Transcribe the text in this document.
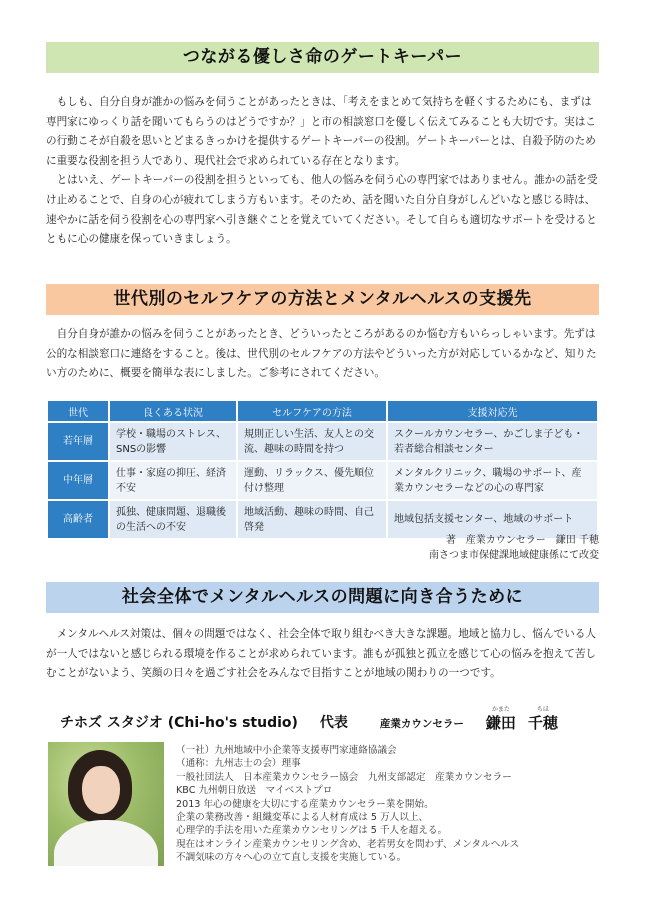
つながる優しさ命のゲートキーパー

もしも、自分自身が誰かの悩みを伺うことがあったときは、「考えをまとめて気持ちを軽くするためにも、まずは専門家にゆっくり話を聞いてもらうのはどうですか？」と市の相談窓口を優しく伝えてみることも大切です。実はこの行動こそが自殺を思いとどまるきっかけを提供するゲートキーパーの役割。ゲートキーパーとは、自殺予防のために重要な役割を担う人であり、現代社会で求められている存在となります。

とはいえ、ゲートキーパーの役割を担うといっても、他人の悩みを伺う心の専門家ではありません。誰かの話を受け止めることで、自身の心が疲れてしまう方もいます。そのため、話を聞いた自分自身がしんどいなと感じる時は、速やかに話を伺う役割を心の専門家へ引き継ぐことを覚えていてください。そして自らも適切なサポートを受けるとともに心の健康を保っていきましょう。

世代別のセルフケアの方法とメンタルヘルスの支援先

自分自身が誰かの悩みを伺うことがあったとき、どういったところがあるのか悩む方もいらっしゃいます。先ずは公的な相談窓口に連絡をすること。後は、世代別のセルフケアの方法やどういった方が対応しているかなど、知りたい方のために、概要を簡単な表にしました。ご参考にされてください。

世代	良くある状況	セルフケアの方法	支援対応先
若年層	学校・職場のストレス、SNSの影響	規則正しい生活、友人との交流、趣味の時間を持つ	スクールカウンセラー、かごしま子ども・若者総合相談センター
中年層	仕事・家庭の抑圧、経済不安	運動、リラックス、優先順位付け整理	メンタルクリニック、職場のサポート、産業カウンセラーなどの心の専門家
高齢者	孤独、健康問題、退職後の生活への不安	地域活動、趣味の時間、自己啓発	地域包括支援センター、地域のサポート
著　産業カウンセラー　鎌田 千穂
南さつま市保健課地域健康係にて改変
社会全体でメンタルヘルスの問題に向き合うために

メンタルヘルス対策は、個々の問題ではなく、社会全体で取り組むべき大きな課題。地域と協力し、悩んでいる人が一人ではないと感じられる環境を作ることが求められています。誰もが孤独と孤立を感じて心の悩みを抱えて苦しむことがないよう、笑顔の日々を過ごす社会をみんなで目指すことが地域の関わりの一つです。

チホズ スタジオ (Chi-ho's studio) 代表	産業カウンセラー
かまた
鎌田
ちほ
千穂
（一社）九州地域中小企業等支援専門家連絡協議会
（通称：九州志士の会）理事
一般社団法人　日本産業カウンセラー協会　九州支部認定　産業カウンセラー
KBC 九州朝日放送　マイベストプロ
2013 年心の健康を大切にする産業カウンセラー業を開始。
企業の業務改善・組織変革による人材育成は 5 万人以上、
心理学的手法を用いた産業カウンセリングは 5 千人を超える。
現在はオンライン産業カウンセリング含め、老若男女を問わず、メンタルヘルス
不調気味の方々へ心の立て直し支援を実施している。
